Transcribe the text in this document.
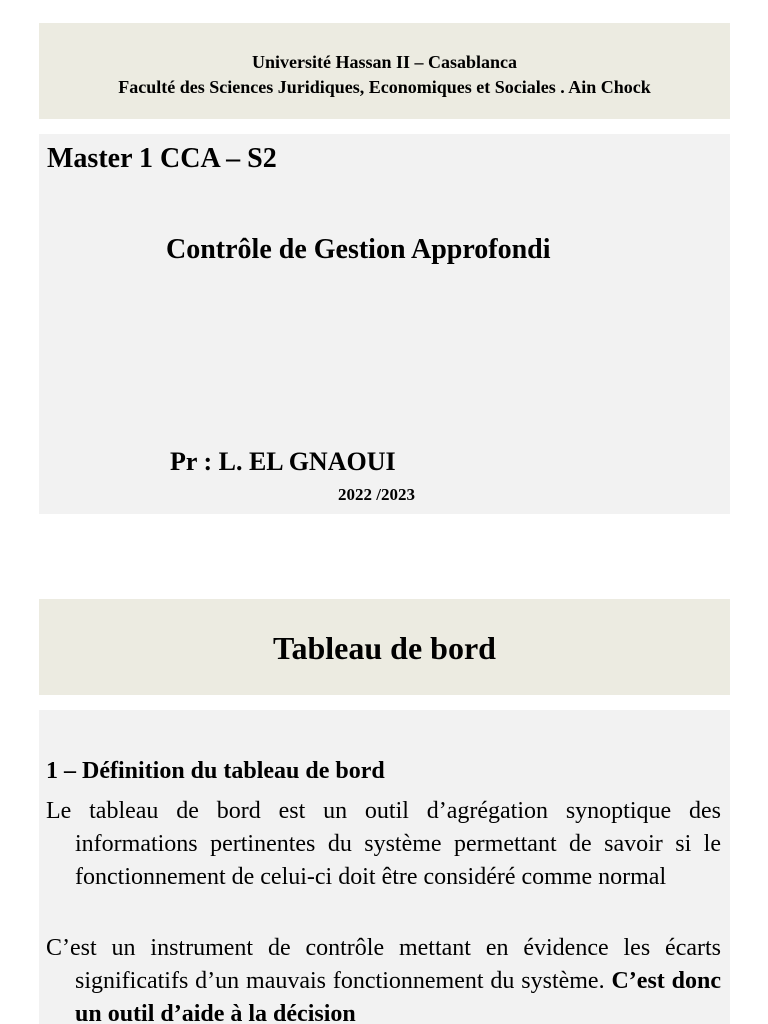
Université Hassan II – Casablanca
Faculté des Sciences Juridiques, Economiques et Sociales . Ain Chock
Master 1 CCA – S2
Contrôle de Gestion Approfondi
Pr : L. EL GNAOUI
2022 /2023
Tableau de bord
1 – Définition du tableau de bord
Le tableau de bord est un outil d’agrégation synoptique des informations pertinentes du système permettant de savoir si le fonctionnement de celui-ci doit être considéré comme normal
C’est un instrument de contrôle mettant en évidence les écarts significatifs d’un mauvais fonctionnement du système. C’est donc un outil d’aide à la décision
